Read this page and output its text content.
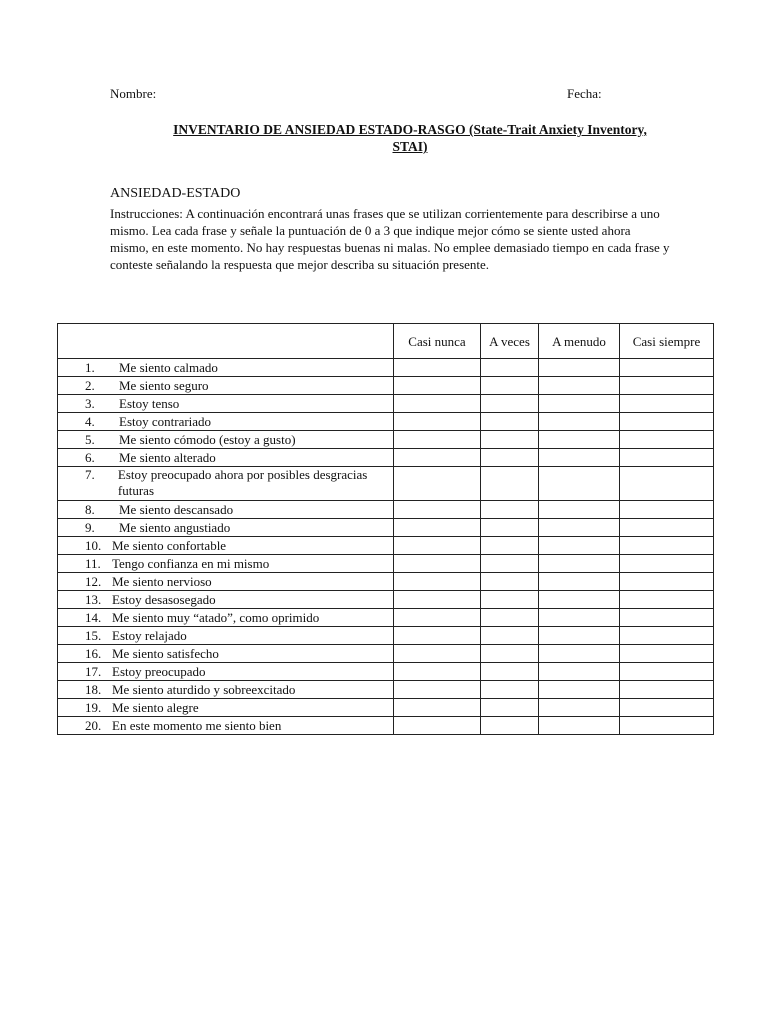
Nombre:	Fecha:
INVENTARIO DE ANSIEDAD ESTADO-RASGO (State-Trait Anxiety Inventory,
STAI)
ANSIEDAD-ESTADO
Instrucciones: A continuación encontrará unas frases que se utilizan corrientemente para describirse a uno mismo. Lea cada frase y señale la puntuación de 0 a 3 que indique mejor cómo se siente usted ahora mismo, en este momento. No hay respuestas buenas ni malas. No emplee demasiado tiempo en cada frase y conteste señalando la respuesta que mejor describa su situación presente.
	Casi nunca	A veces	A menudo	Casi siempre

1. Me siento calmado				

2. Me siento seguro				

3. Estoy tenso				

4. Estoy contrariado				

5. Me siento cómodo (estoy a gusto)				

6. Me siento alterado				

7. Estoy preocupado ahora por posibles desgracias futuras				

8. Me siento descansado				

9. Me siento angustiado				

10. Me siento confortable				

11. Tengo confianza en mi mismo				

12. Me siento nervioso				

13. Estoy desasosegado				

14. Me siento muy “atado”, como oprimido				

15. Estoy relajado				

16. Me siento satisfecho				

17. Estoy preocupado				

18. Me siento aturdido y sobreexcitado				

19. Me siento alegre				

20. En este momento me siento bien				
